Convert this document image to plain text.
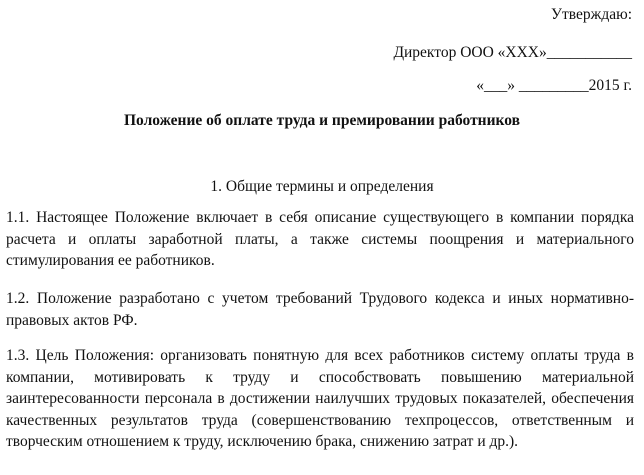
Утверждаю:
Директор ООО «ХХХ»___________
«___» _________2015 г.
Положение об оплате труда и премировании работников
1. Общие термины и определения
1.1. Настоящее Положение включает в себя описание существующего в компании порядка расчета и оплаты заработной платы, а также системы поощрения и материального стимулирования ее работников.
1.2. Положение разработано с учетом требований Трудового кодекса и иных нормативно-правовых актов РФ.
1.3. Цель Положения: организовать понятную для всех работников систему оплаты труда в компании, мотивировать к труду и способствовать повышению материальной заинтересованности персонала в достижении наилучших трудовых показателей, обеспечения качественных результатов труда (совершенствованию техпроцессов, ответственным и творческим отношением к труду, исключению брака, снижению затрат и др.).
